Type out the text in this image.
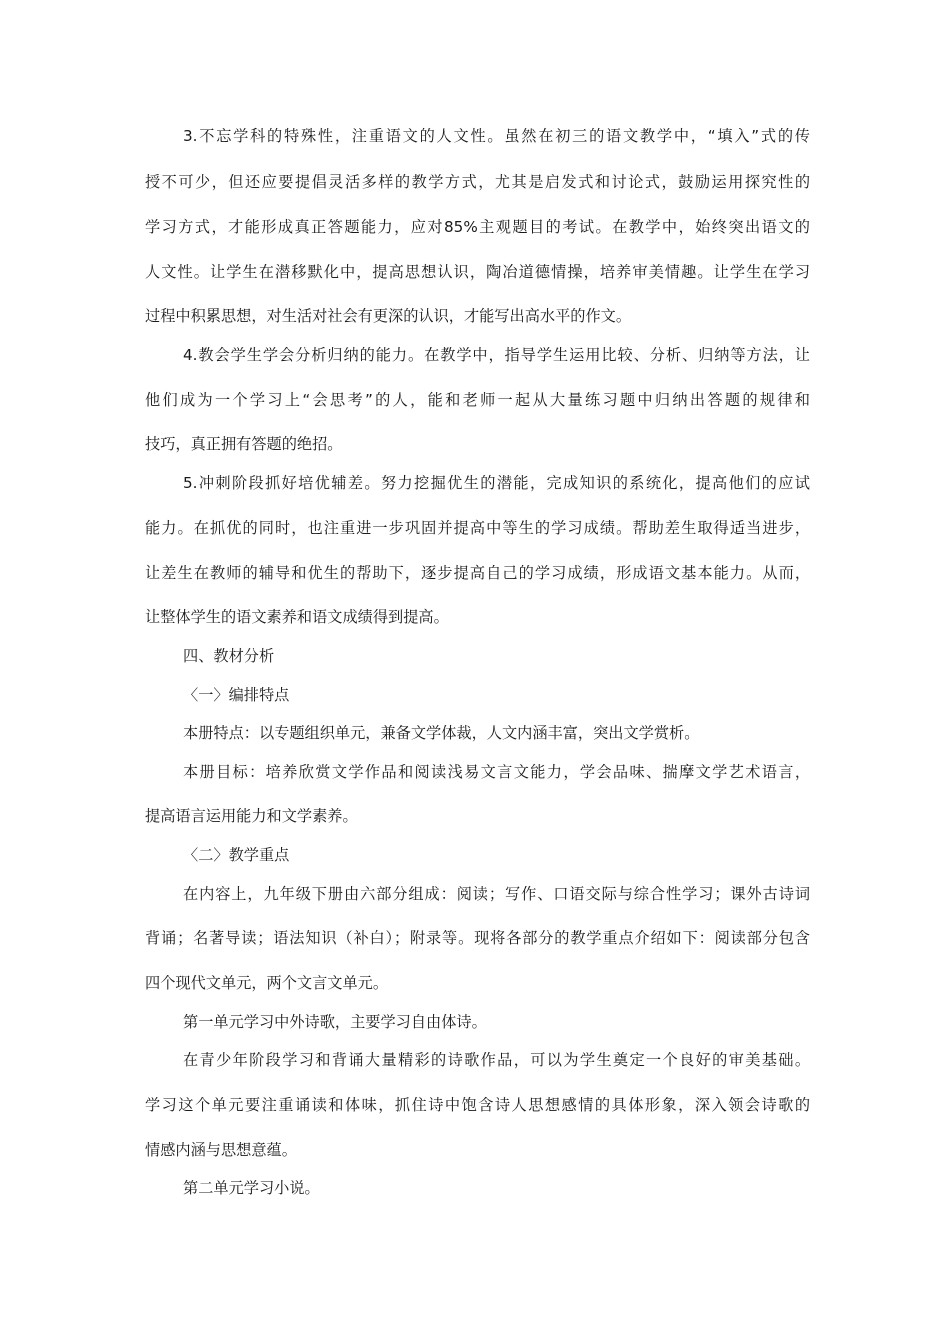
3.不忘学科的特殊性，注重语文的人文性。虽然在初三的语文教学中，“填入”式的传
授不可少，但还应要提倡灵活多样的教学方式，尤其是启发式和讨论式，鼓励运用探究性的
学习方式，才能形成真正答题能力，应对85%主观题目的考试。在教学中，始终突出语文的
人文性。让学生在潜移默化中，提高思想认识，陶冶道德情操，培养审美情趣。让学生在学习
过程中积累思想，对生活对社会有更深的认识，才能写出高水平的作文。
4.教会学生学会分析归纳的能力。在教学中，指导学生运用比较、分析、归纳等方法，让
他们成为一个学习上“会思考”的人，能和老师一起从大量练习题中归纳出答题的规律和
技巧，真正拥有答题的绝招。
5.冲刺阶段抓好培优辅差。努力挖掘优生的潜能，完成知识的系统化，提高他们的应试
能力。在抓优的同时，也注重进一步巩固并提高中等生的学习成绩。帮助差生取得适当进步，
让差生在教师的辅导和优生的帮助下，逐步提高自己的学习成绩，形成语文基本能力。从而，
让整体学生的语文素养和语文成绩得到提高。
四、教材分析
〈一〉编排特点
本册特点：以专题组织单元，兼备文学体裁，人文内涵丰富，突出文学赏析。
本册目标：培养欣赏文学作品和阅读浅易文言文能力，学会品味、揣摩文学艺术语言，
提高语言运用能力和文学素养。
〈二〉教学重点
在内容上，九年级下册由六部分组成：阅读；写作、口语交际与综合性学习；课外古诗词
背诵；名著导读；语法知识（补白）；附录等。现将各部分的教学重点介绍如下：阅读部分包含
四个现代文单元，两个文言文单元。
第一单元学习中外诗歌，主要学习自由体诗。
在青少年阶段学习和背诵大量精彩的诗歌作品，可以为学生奠定一个良好的审美基础。
学习这个单元要注重诵读和体味，抓住诗中饱含诗人思想感情的具体形象，深入领会诗歌的
情感内涵与思想意蕴。
第二单元学习小说。
